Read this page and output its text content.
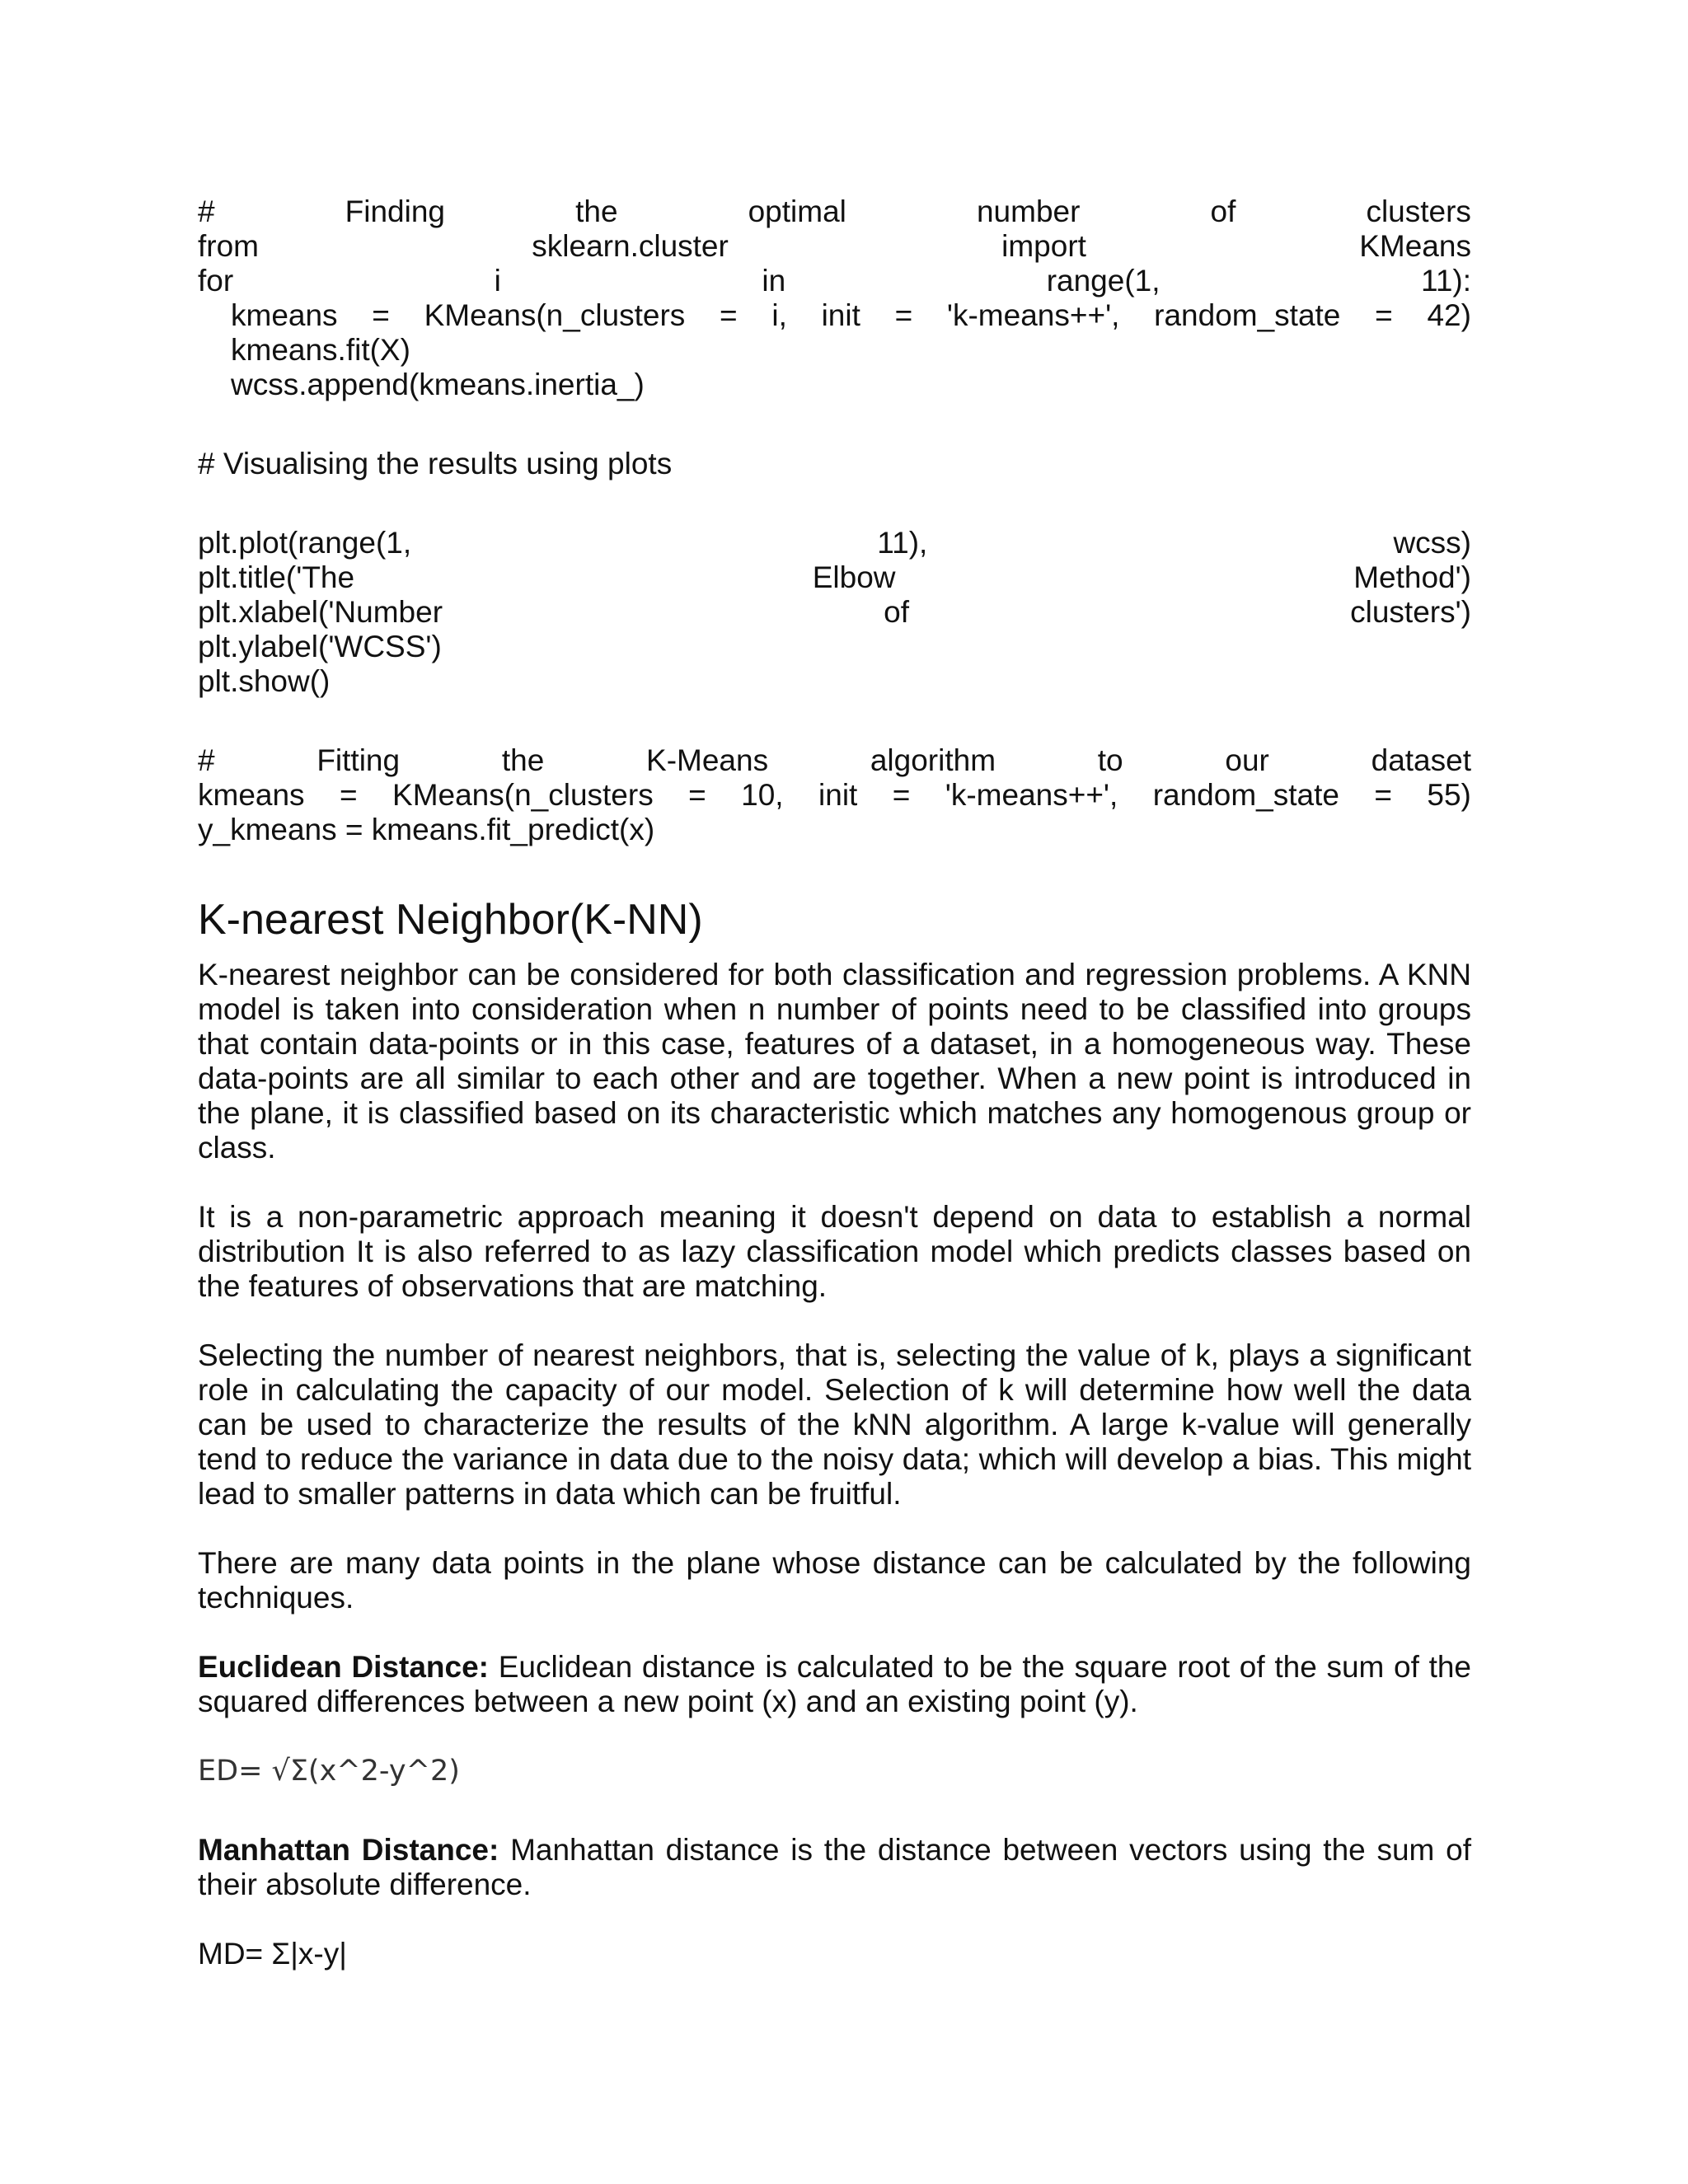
#	Finding	the	optimal	number	of	clusters
from	sklearn.cluster	import	KMeans
for	i	in	range(1,	11):
kmeans = KMeans(n_clusters = i, init = 'k-means++', random_state = 42)
kmeans.fit(X)
wcss.append(kmeans.inertia_)
# Visualising the results using plots
plt.plot(range(1,	11),	wcss)
plt.title('The	Elbow	Method')
plt.xlabel('Number	of	clusters')
plt.ylabel('WCSS')
plt.show()
#	Fitting	the	K-Means	algorithm	to	our	dataset
kmeans = KMeans(n_clusters = 10, init = 'k-means++', random_state = 55)
y_kmeans = kmeans.fit_predict(x)
K-nearest Neighbor(K-NN)

K-nearest neighbor can be considered for both classification and regression problems. A KNN model is taken into consideration when n number of points need to be classified into groups that contain data-points or in this case, features of a dataset, in a homogeneous way. These data-points are all similar to each other and are together. When a new point is introduced in the plane, it is classified based on its characteristic which matches any homogenous group or class.

It is a non-parametric approach meaning it doesn't depend on data to establish a normal distribution It is also referred to as lazy classification model which predicts classes based on the features of observations that are matching.

Selecting the number of nearest neighbors, that is, selecting the value of k, plays a significant role in calculating the capacity of our model. Selection of k will determine how well the data can be used to characterize the results of the kNN algorithm. A large k-value will generally tend to reduce the variance in data due to the noisy data; which will develop a bias. This might lead to smaller patterns in data which can be fruitful.

There are many data points in the plane whose distance can be calculated by the following techniques.

Euclidean Distance: Euclidean distance is calculated to be the square root of the sum of the squared differences between a new point (x) and an existing point (y).

ED= √Σ(x^2-y^2)

Manhattan Distance: Manhattan distance is the distance between vectors using the sum of their absolute difference.

MD= Σ|x-y|
